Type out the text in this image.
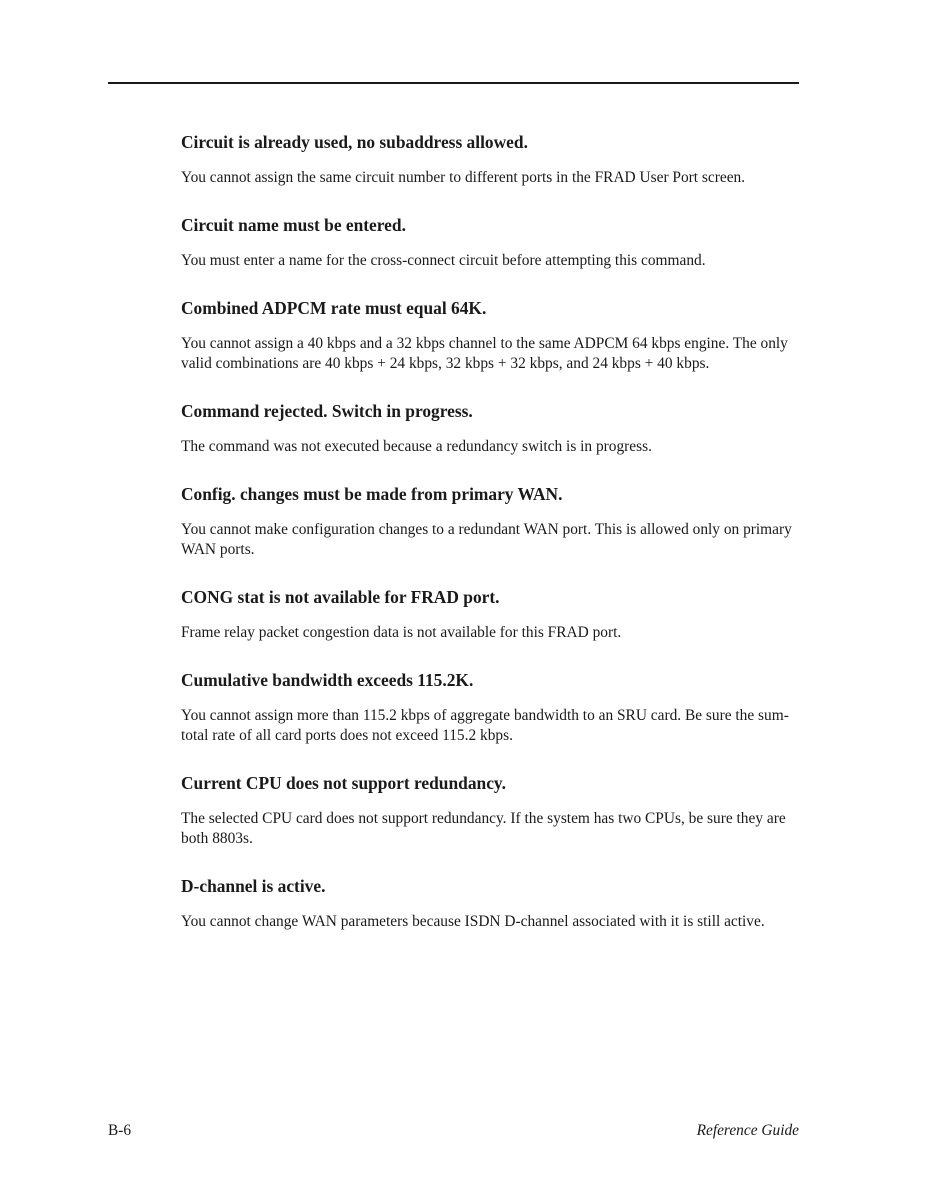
Circuit is already used, no subaddress allowed.

You cannot assign the same circuit number to different ports in the FRAD User Port screen.

Circuit name must be entered.

You must enter a name for the cross-connect circuit before attempting this command.

Combined ADPCM rate must equal 64K.

You cannot assign a 40 kbps and a 32 kbps channel to the same ADPCM 64 kbps engine. The only valid combinations are 40 kbps + 24 kbps, 32 kbps + 32 kbps, and 24 kbps + 40 kbps.

Command rejected. Switch in progress.

The command was not executed because a redundancy switch is in progress.

Config. changes must be made from primary WAN.

You cannot make configuration changes to a redundant WAN port. This is allowed only on primary WAN ports.

CONG stat is not available for FRAD port.

Frame relay packet congestion data is not available for this FRAD port.

Cumulative bandwidth exceeds 115.2K.

You cannot assign more than 115.2 kbps of aggregate bandwidth to an SRU card. Be sure the sum-total rate of all card ports does not exceed 115.2 kbps.

Current CPU does not support redundancy.

The selected CPU card does not support redundancy. If the system has two CPUs, be sure they are both 8803s.

D-channel is active.

You cannot change WAN parameters because ISDN D-channel associated with it is still active.

B-6	Reference Guide
